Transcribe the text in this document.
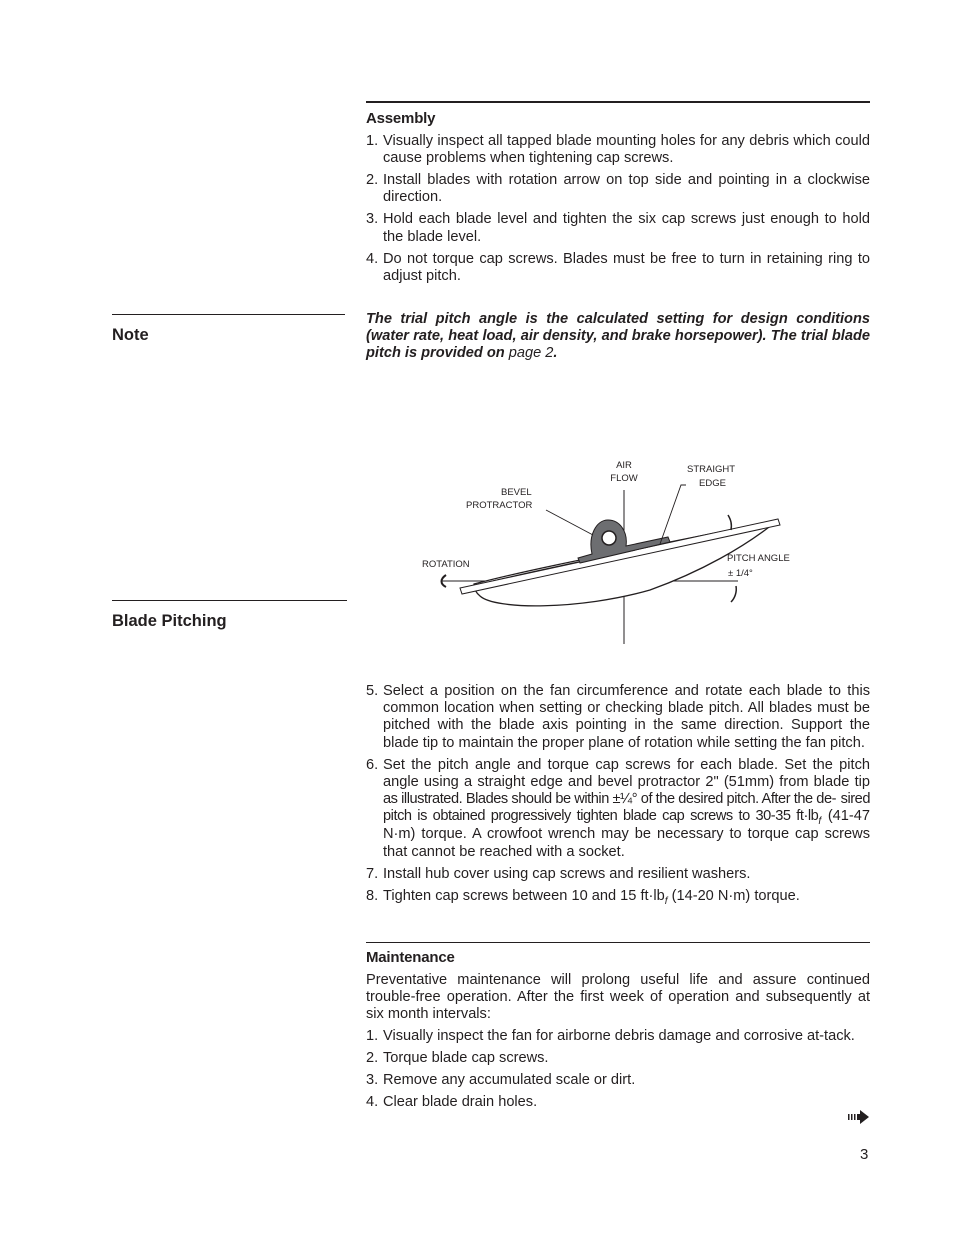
Note
Blade Pitching
Assembly
1. Visually inspect all tapped blade mounting holes for any debris which could cause problems when tightening cap screws.
2. Install blades with rotation arrow on top side and pointing in a clockwise direction.
3. Hold each blade level and tighten the six cap screws just enough to hold the blade level.
4. Do not torque cap screws. Blades must be free to turn in retaining ring to adjust pitch.

The trial pitch angle is the calculated setting for design conditions (water rate, heat load, air density, and brake horsepower). The trial blade pitch is provided on page 2.

AIR
FLOW
STRAIGHT
EDGE
BEVEL
PROTRACTOR
ROTATION
PITCH ANGLE
± 1/4°
5. Select a position on the fan circumference and rotate each blade to this common location when setting or checking blade pitch. All blades must be pitched with the blade axis pointing in the same direction. Support the blade tip to maintain the proper plane of rotation while setting the fan pitch.
6. Set the pitch angle and torque cap screws for each blade. Set the pitch angle using a straight edge and bevel protractor 2" (51mm) from blade tip as illustrated. Blades should be within ±¼° of the desired pitch. After the de- sired pitch is obtained progressively tighten blade cap screws to 30-35 $ft\cdot lb_f$ (41-47 N·m) torque. A crowfoot wrench may be necessary to torque cap screws that cannot be reached with a socket.
7. Install hub cover using cap screws and resilient washers.
8. Tighten cap screws between 10 and 15 $ft\cdot lb_f$ (14-20 N·m) torque.
Maintenance

Preventative maintenance will prolong useful life and assure continued trouble-free operation. After the first week of operation and subsequently at six month intervals:

1. Visually inspect the fan for airborne debris damage and corrosive at-tack.
2. Torque blade cap screws.
3. Remove any accumulated scale or dirt.
4. Clear blade drain holes.
3
